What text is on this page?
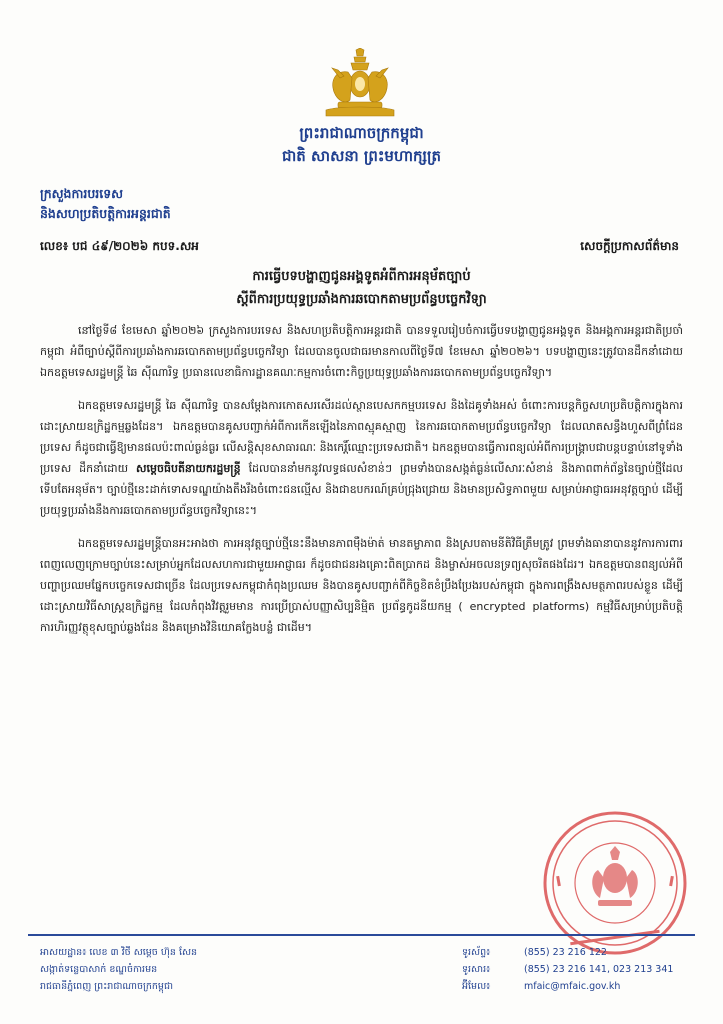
ព្រះរាជាណាចក្រកម្ពុជា
ជាតិ សាសនា ព្រះមហាក្សត្រ
ក្រសួងការបរទេស
និងសហប្រតិបត្តិការអន្តរជាតិ
លេខ៖ បជ ៤៩/២០២៦ កបទ.សអ	សេចក្តីប្រកាសព័ត៌មាន
ការធ្វើបទបង្ហាញជូនអង្គទូតអំពីការអនុម័តច្បាប់
ស្តីពីការប្រយុទ្ធប្រឆាំងការឆបោកតាមប្រព័ន្ធបច្ចេកវិទ្យា

នៅថ្ងៃទី៨ ខែមេសា ឆ្នាំ២០២៦ ក្រសួងការបរទេស និងសហប្រតិបត្តិការអន្តរជាតិ បានទទួលរៀបចំការធ្វើបទបង្ហាញជូនអង្គទូត និងអង្គការអន្តរជាតិប្រចាំកម្ពុជា អំពីច្បាប់ស្តីពីការប្រឆាំងការឆបោកតាមប្រព័ន្ធបច្ចេកវិទ្យា ដែលបានចូលជាធរមានកាលពីថ្ងៃទី៧ ខែមេសា ឆ្នាំ២០២៦។ បទបង្ហាញនេះត្រូវបានដឹកនាំដោយ ឯកឧត្តមទេសរដ្ឋមន្ត្រី ឆៃ ស៊ីណារិទ្ធ ប្រធានលេខាធិការដ្ឋានគណៈកម្មការចំពោះកិច្ចប្រយុទ្ធប្រឆាំងការឆបោកតាមប្រព័ន្ធបច្ចេកវិទ្យា។

ឯកឧត្តមទេសរដ្ឋមន្ត្រី ឆៃ ស៊ីណារិទ្ធ បានសម្តែងការកោតសរសើរដល់ស្ថានបេសកកម្មបរទេស និងដៃគូទាំងអស់ ចំពោះការបន្តកិច្ចសហប្រតិបត្តិការក្នុងការដោះស្រាយឧក្រិដ្ឋកម្មឆ្លងដែន។ ឯកឧត្តមបានគូសបញ្ជាក់អំពីការកើនឡើងនៃភាពស្មុគស្មាញ នៃការឆបោកតាមប្រព័ន្ធបច្ចេកវិទ្យា ដែលលាតសន្ធឹងហួសពីព្រំដែនប្រទេស ក៏ដូចជាធ្វើឱ្យមានផលប៉ះពាល់ធ្ងន់ធ្ងរ លើសន្តិសុខសាធារណៈ និងកេរ្តិ៍ឈ្មោះប្រទេសជាតិ។ ឯកឧត្តមបានធ្វើការពន្យល់អំពីការប្រង្គ្រាបជាបន្តបន្ទាប់នៅទូទាំងប្រទេស ដឹកនាំដោយ សម្តេចធិបតីនាយករដ្ឋមន្ត្រី ដែលបាននាំមកនូវលទ្ធផលសំខាន់ៗ ព្រមទាំងបានសង្កត់ធ្ងន់លើសារៈសំខាន់ និងភាពពាក់ព័ន្ធនៃច្បាប់ថ្មីដែលទើបតែអនុម័ត។ ច្បាប់ថ្មីនេះដាក់ទោសទណ្ឌយ៉ាងតឹងរឹងចំពោះជនល្មើស និងជាឧបករណ៍គ្រប់ជ្រុងជ្រោយ និងមានប្រសិទ្ធភាពមួយ សម្រាប់អាជ្ញាធរអនុវត្តច្បាប់ ដើម្បីប្រយុទ្ធប្រឆាំងនឹងការឆបោកតាមប្រព័ន្ធបច្ចេកវិទ្យានេះ។

ឯកឧត្តមទេសរដ្ឋមន្ត្រីបានអះអាងថា ការអនុវត្តច្បាប់ថ្មីនេះនឹងមានភាពម៉ឺងម៉ាត់ មានតម្លាភាព និងស្របតាមនីតិវិធីត្រឹមត្រូវ ព្រមទាំងធានាបាននូវការការពារពេញលេញក្រោមច្បាប់នេះសម្រាប់អ្នកដែលសហការជាមួយអាជ្ញាធរ ក៏ដូចជាជនរងគ្រោះពិតប្រាកដ និងម្ចាស់អចលនទ្រព្យសុចរិតផងដែរ។ ឯកឧត្តមបានពន្យល់អំពីបញ្ហាប្រឈមផ្នែកបច្ចេកទេសជាច្រើន ដែលប្រទេសកម្ពុជាកំពុងប្រឈម និងបានគូសបញ្ជាក់ពីកិច្ចខិតខំប្រឹងប្រែងរបស់កម្ពុជា ក្នុងការពង្រឹងសមត្ថភាពរបស់ខ្លួន ដើម្បីដោះស្រាយវិធីសាស្ត្រឧក្រិដ្ឋកម្ម ដែលកំពុងវិវត្តរួមមាន ការប្រើប្រាស់បញ្ញាសិប្បនិម្មិត ប្រព័ន្ធកូដនីយកម្ម ( encrypted platforms) កម្មវិធីសម្រាប់ប្រតិបត្តិការហិរញ្ញវត្ថុខុសច្បាប់ឆ្លងដែន និងគម្រោងវិនិយោគក្លែងបន្លំ ជាដើម។

អាសយដ្ឋាន៖ លេខ ៣ វិថី សម្តេច ហ៊ុន សែន
សង្កាត់ទន្លេបាសាក់ ខណ្ឌចំការមន
រាជធានីភ្នំពេញ ព្រះរាជាណាចក្រកម្ពុជា
ទូរស័ព្ទ៖	(855) 23 216 122
ទូរសារ៖	(855) 23 216 141, 023 213 341
អ៊ីមែល៖	mfaic@mfaic.gov.kh
